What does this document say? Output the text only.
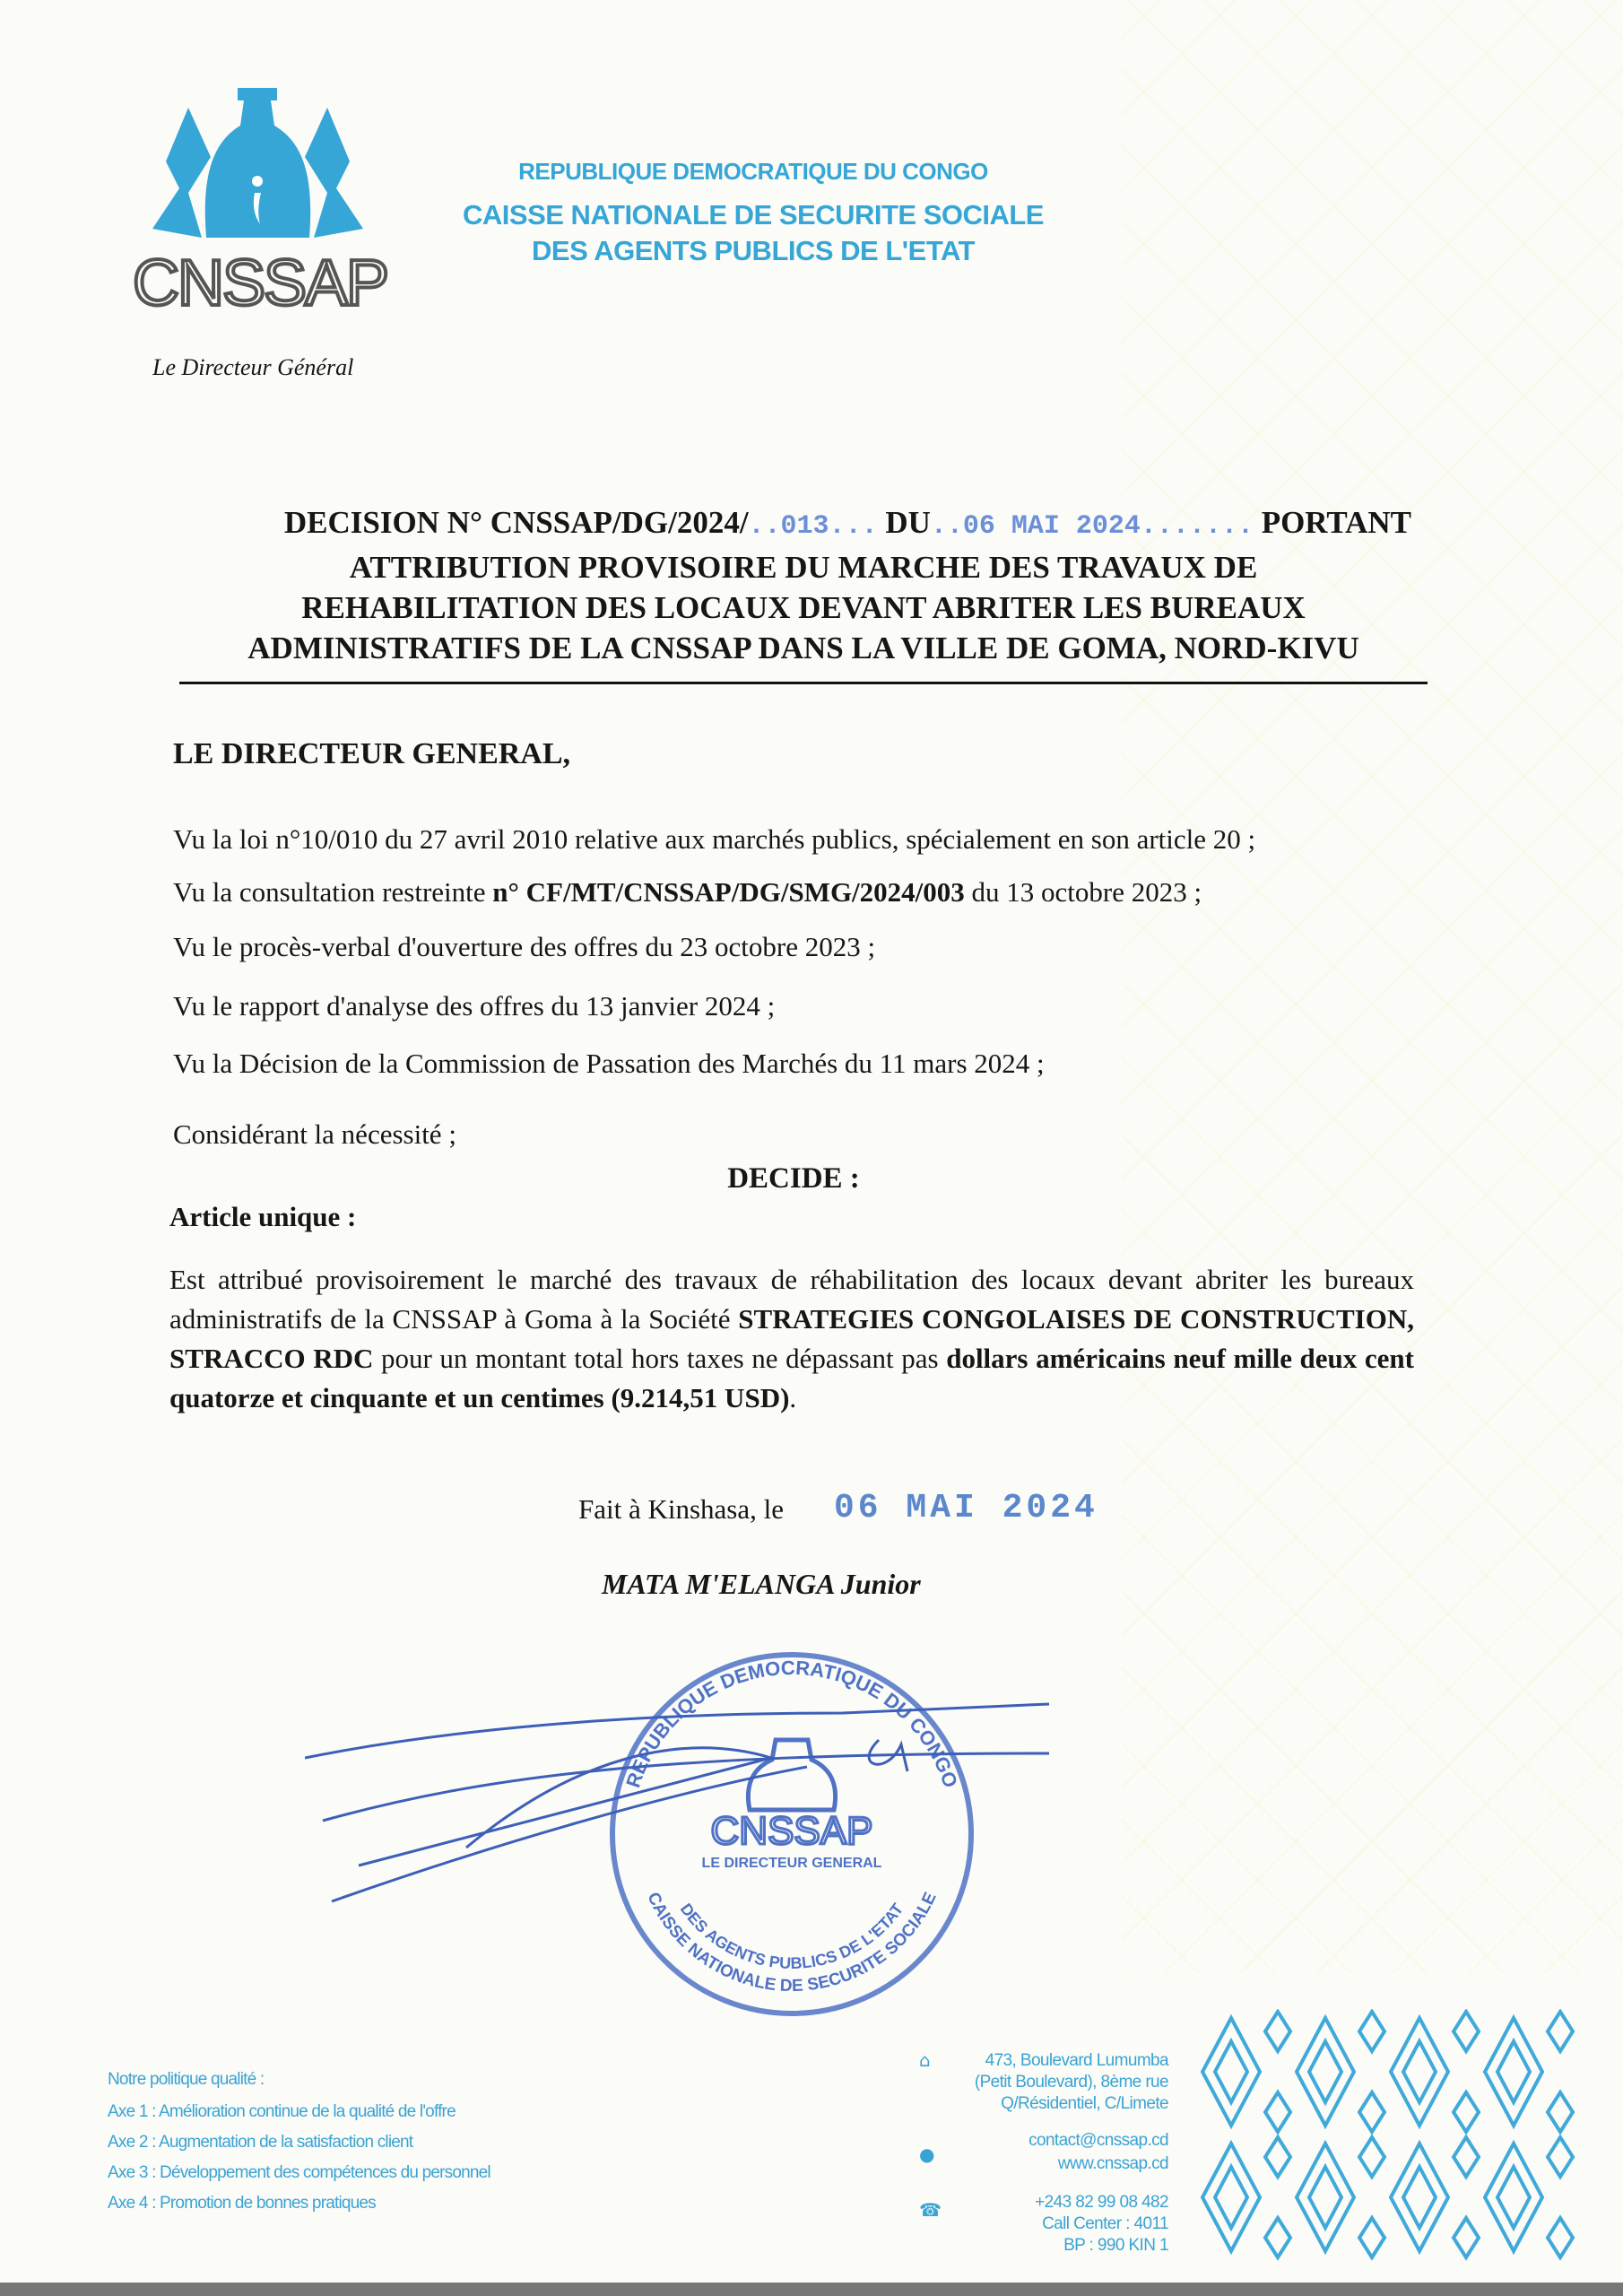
CNSSAP
Le Directeur Général
REPUBLIQUE DEMOCRATIQUE DU CONGO
CAISSE NATIONALE DE SECURITE SOCIALE
DES AGENTS PUBLICS DE L'ETAT
DECISION N° CNSSAP/DG/2024/..013... DU..06 MAI 2024....... PORTANT
ATTRIBUTION PROVISOIRE DU MARCHE DES TRAVAUX DE
REHABILITATION DES LOCAUX DEVANT ABRITER LES BUREAUX
ADMINISTRATIFS DE LA CNSSAP DANS LA VILLE DE GOMA, NORD-KIVU
LE DIRECTEUR GENERAL,
Vu la loi n°10/010 du 27 avril 2010 relative aux marchés publics, spécialement en son article 20 ;
Vu la consultation restreinte n° CF/MT/CNSSAP/DG/SMG/2024/003 du 13 octobre 2023 ;
Vu le procès-verbal d'ouverture des offres du 23 octobre 2023 ;
Vu le rapport d'analyse des offres du 13 janvier 2024 ;
Vu la Décision de la Commission de Passation des Marchés du 11 mars 2024 ;
Considérant la nécessité ;
DECIDE :
Article unique :
Est attribué provisoirement le marché des travaux de réhabilitation des locaux devant abriter les bureaux administratifs de la CNSSAP à Goma à la Société STRATEGIES CONGOLAISES DE CONSTRUCTION, STRACCO RDC pour un montant total hors taxes ne dépassant pas dollars américains neuf mille deux cent quatorze et cinquante et un centimes (9.214,51 USD).
Fait à Kinshasa, le 06 MAI 2024
REPUBLIQUE DEMOCRATIQUE DU CONGO
CAISSE NATIONALE DE SECURITE SOCIALE
DES AGENTS PUBLICS DE L'ETAT
CNSSAP
LE DIRECTEUR GENERAL
MATA M'ELANGA Junior
Notre politique qualité :
Axe 1 : Amélioration continue de la qualité de l'offre
Axe 2 : Augmentation de la satisfaction client
Axe 3 : Développement des compétences du personnel
Axe 4 : Promotion de bonnes pratiques
⌂	473, Boulevard Lumumba
(Petit Boulevard), 8ème rue
Q/Résidentiel, C/Limete
●
contact@cnssap.cd
www.cnssap.cd
☎	+243 82 99 08 482
Call Center : 4011
BP : 990 KIN 1
